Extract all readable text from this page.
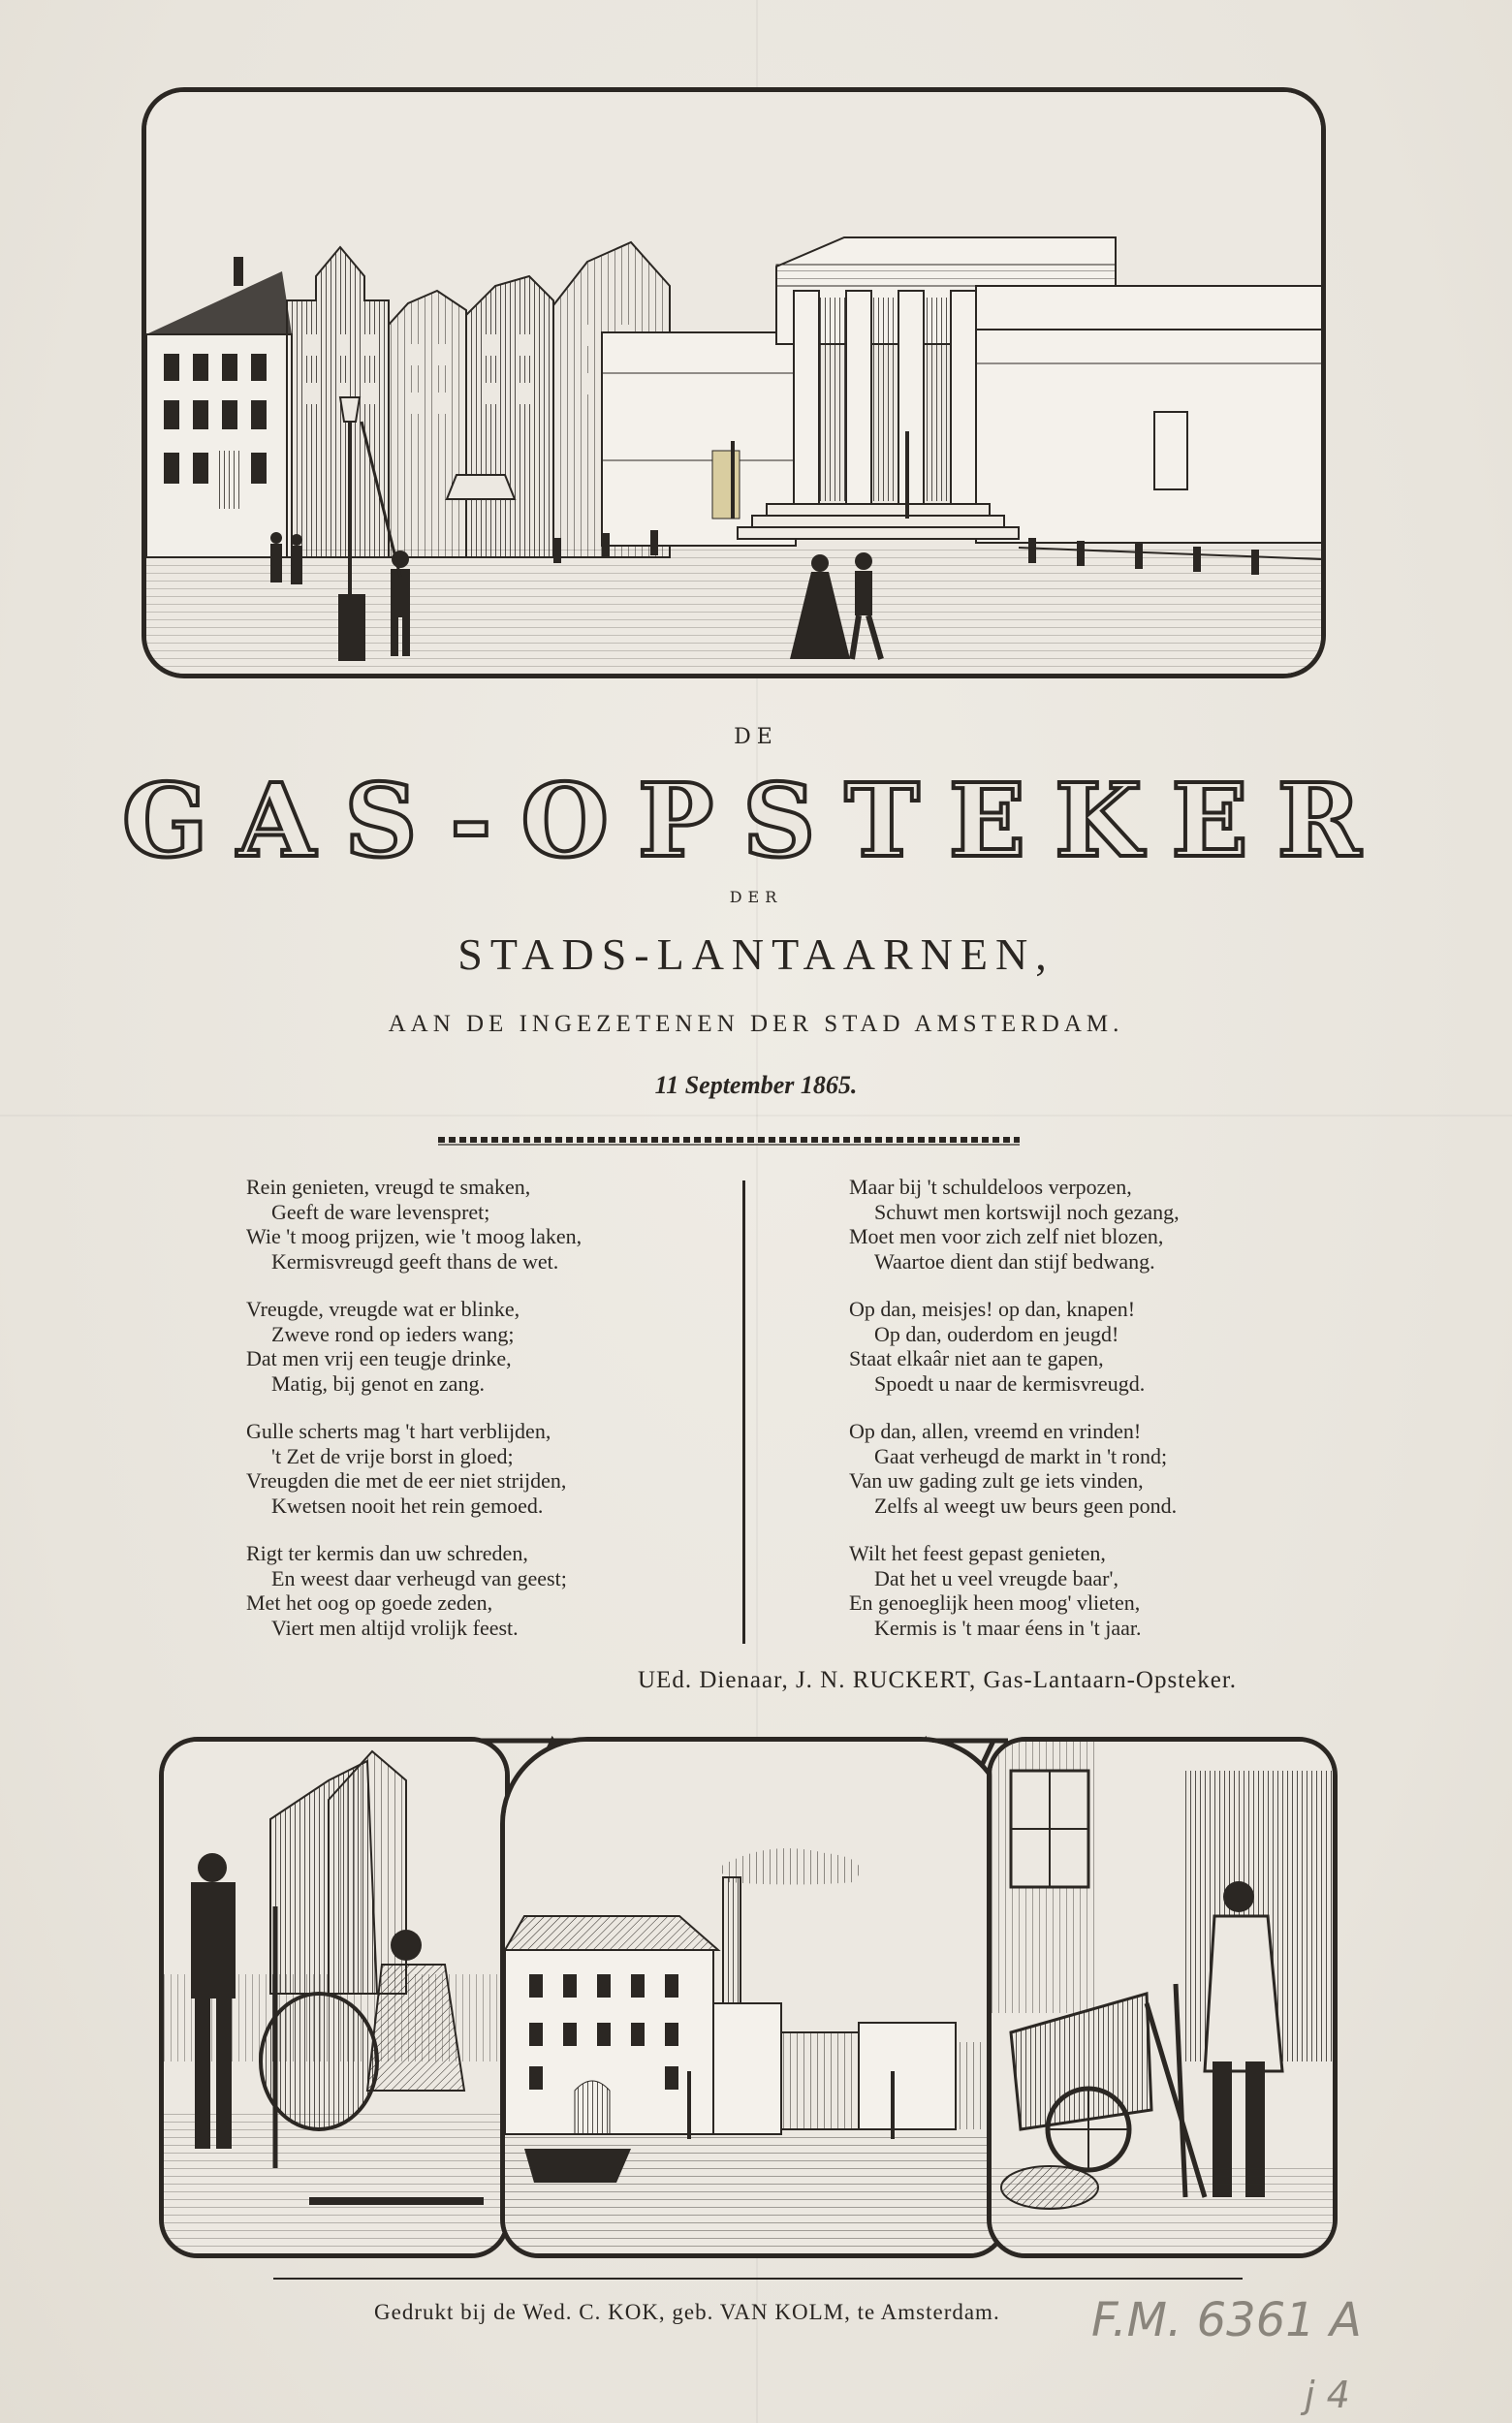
DE
GAS-OPSTEKER
DER
STADS-LANTAARNEN,
AAN DE INGEZETENEN DER STAD AMSTERDAM.
11 September 1865.
Rein genieten, vreugd te smaken,
Geeft de ware levenspret;
Wie 't moog prijzen, wie 't moog laken,
Kermisvreugd geeft thans de wet.
Vreugde, vreugde wat er blinke,
Zweve rond op ieders wang;
Dat men vrij een teugje drinke,
Matig, bij genot en zang.
Gulle scherts mag 't hart verblijden,
't Zet de vrije borst in gloed;
Vreugden die met de eer niet strijden,
Kwetsen nooit het rein gemoed.
Rigt ter kermis dan uw schreden,
En weest daar verheugd van geest;
Met het oog op goede zeden,
Viert men altijd vrolijk feest.
Maar bij 't schuldeloos verpozen,
Schuwt men kortswijl noch gezang,
Moet men voor zich zelf niet blozen,
Waartoe dient dan stijf bedwang.
Op dan, meisjes! op dan, knapen!
Op dan, ouderdom en jeugd!
Staat elkaâr niet aan te gapen,
Spoedt u naar de kermisvreugd.
Op dan, allen, vreemd en vrinden!
Gaat verheugd de markt in 't rond;
Van uw gading zult ge iets vinden,
Zelfs al weegt uw beurs geen pond.
Wilt het feest gepast genieten,
Dat het u veel vreugde baar',
En genoeglijk heen moog' vlieten,
Kermis is 't maar éens in 't jaar.
UEd. Dienaar, J. N. RUCKERT, Gas-Lantaarn-Opsteker.
Gedrukt bij de Wed. C. KOK, geb. VAN KOLM, te Amsterdam. F.M. 6361 A
j 4
